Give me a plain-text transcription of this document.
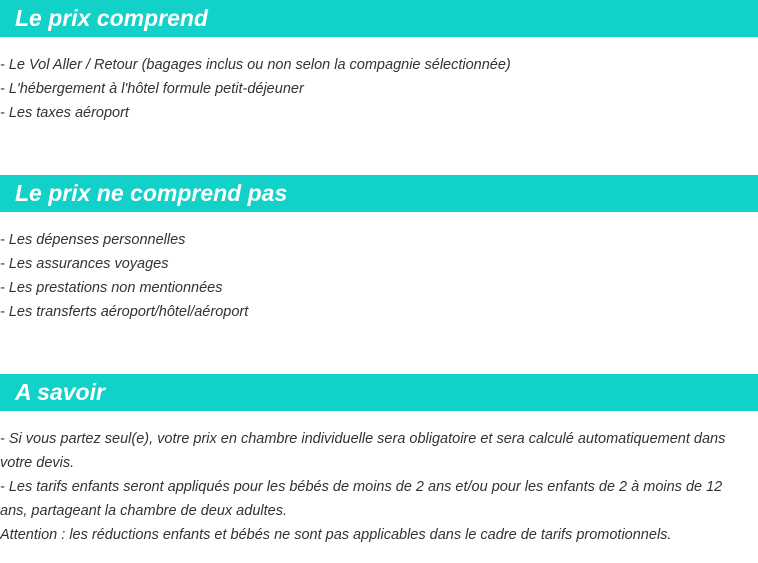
Le prix comprend

- Le Vol Aller / Retour (bagages inclus ou non selon la compagnie sélectionnée)

- L'hébergement à l'hôtel formule petit-déjeuner

- Les taxes aéroport

Le prix ne comprend pas

- Les dépenses personnelles

- Les assurances voyages

- Les prestations non mentionnées

- Les transferts aéroport/hôtel/aéroport

A savoir

- Si vous partez seul(e), votre prix en chambre individuelle sera obligatoire et sera calculé automatiquement dans votre devis.

- Les tarifs enfants seront appliqués pour les bébés de moins de 2 ans et/ou pour les enfants de 2 à moins de 12 ans, partageant la chambre de deux adultes.

Attention : les réductions enfants et bébés ne sont pas applicables dans le cadre de tarifs promotionnels.
